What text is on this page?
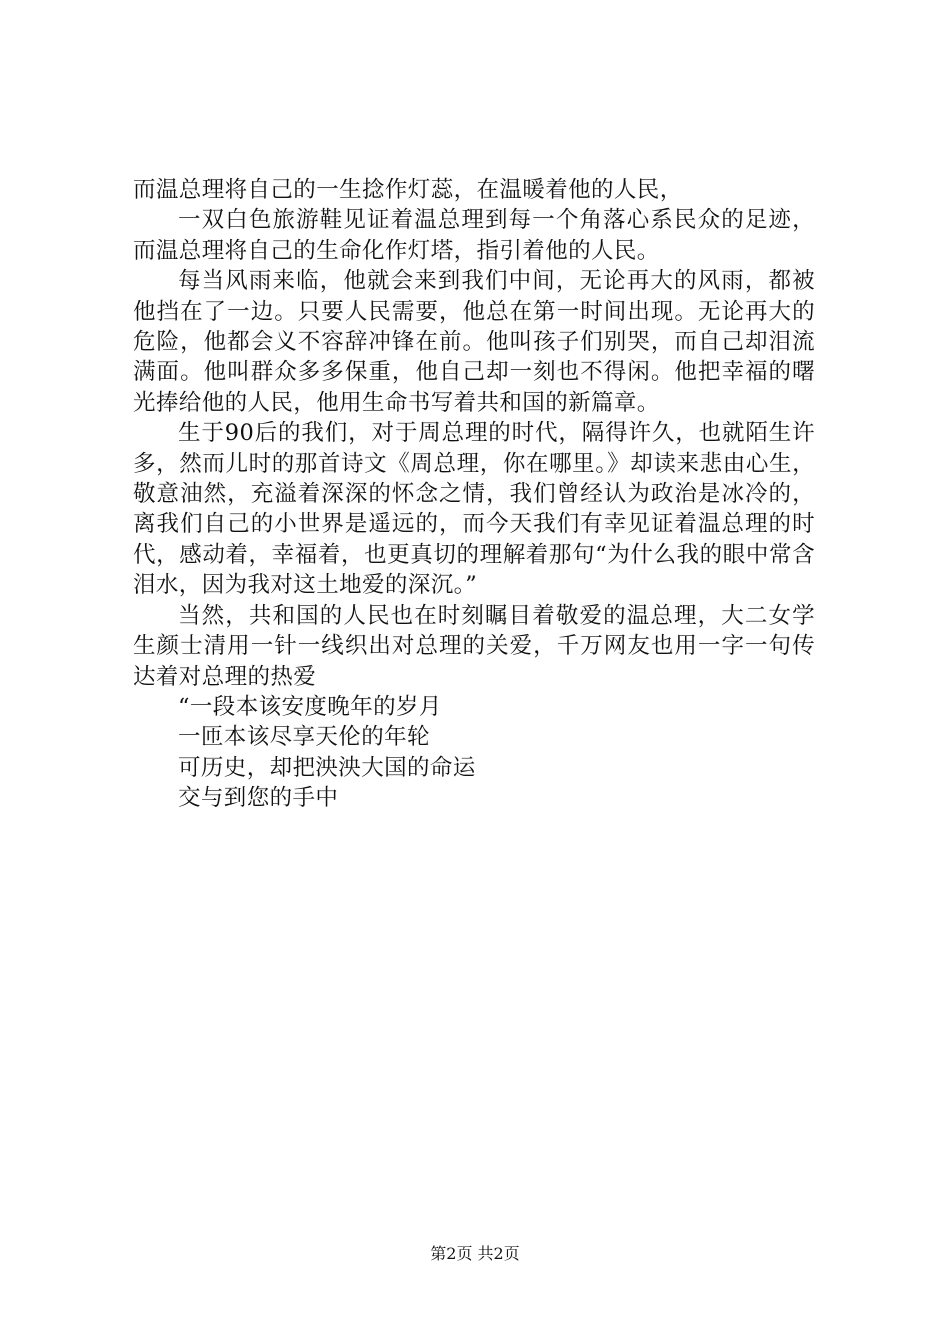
而温总理将自己的一生捻作灯蕊，在温暖着他的人民，

一双白色旅游鞋见证着温总理到每一个角落心系民众的足迹，而温总理将自己的生命化作灯塔，指引着他的人民。

每当风雨来临，他就会来到我们中间，无论再大的风雨，都被他挡在了一边。只要人民需要，他总在第一时间出现。无论再大的危险，他都会义不容辞冲锋在前。他叫孩子们别哭，而自己却泪流满面。他叫群众多多保重，他自己却一刻也不得闲。他把幸福的曙光捧给他的人民，他用生命书写着共和国的新篇章。

生于90后的我们，对于周总理的时代，隔得许久，也就陌生许多，然而儿时的那首诗文《周总理，你在哪里。》却读来悲由心生，敬意油然，充溢着深深的怀念之情，我们曾经认为政治是冰冷的，离我们自己的小世界是遥远的，而今天我们有幸见证着温总理的时代，感动着，幸福着，也更真切的理解着那句“为什么我的眼中常含泪水，因为我对这土地爱的深沉。”

当然，共和国的人民也在时刻瞩目着敬爱的温总理，大二女学生颜士清用一针一线织出对总理的关爱，千万网友也用一字一句传达着对总理的热爱

“一段本该安度晚年的岁月

一匝本该尽享天伦的年轮

可历史，却把泱泱大国的命运

交与到您的手中

第2页 共2页
